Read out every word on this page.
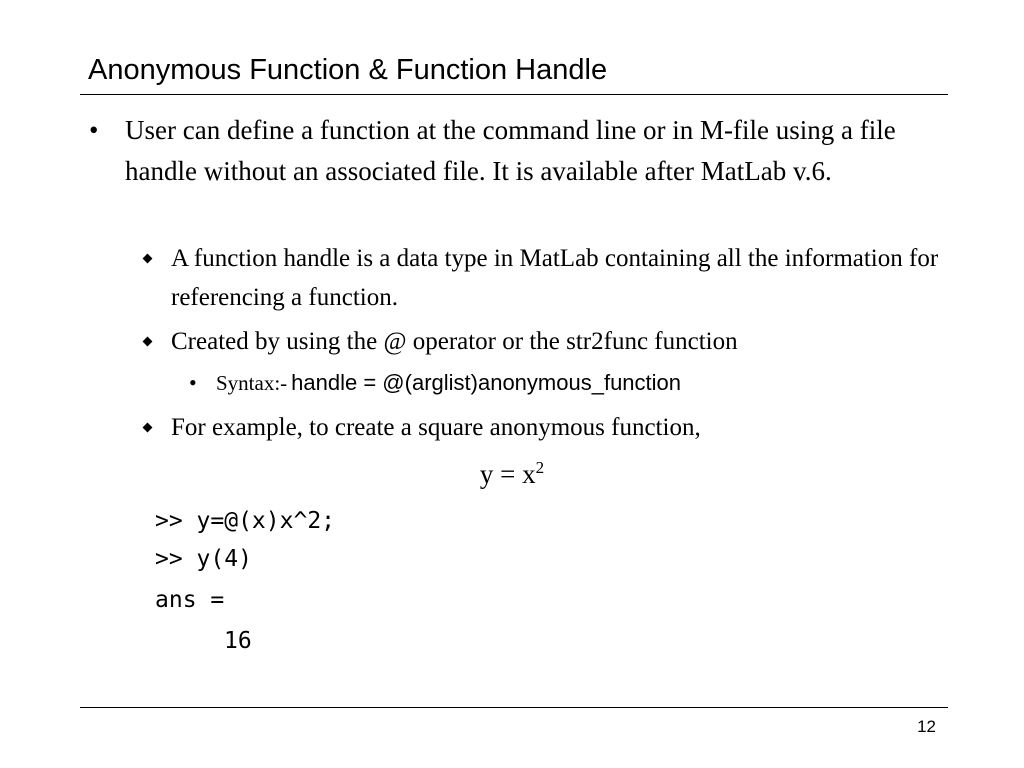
Anonymous Function & Function Handle
• User can define a function at the command line or in M-file using a file handle without an associated file. It is available after MatLab v.6.
A function handle is a data type in MatLab containing all the information for referencing a function.
Created by using the @ operator or the str2func function
• Syntax:- handle = @(arglist)anonymous_function
For example, to create a square anonymous function,
$y = x^2$
>> y=@(x)x^2;
>> y(4)
ans =
16
12
